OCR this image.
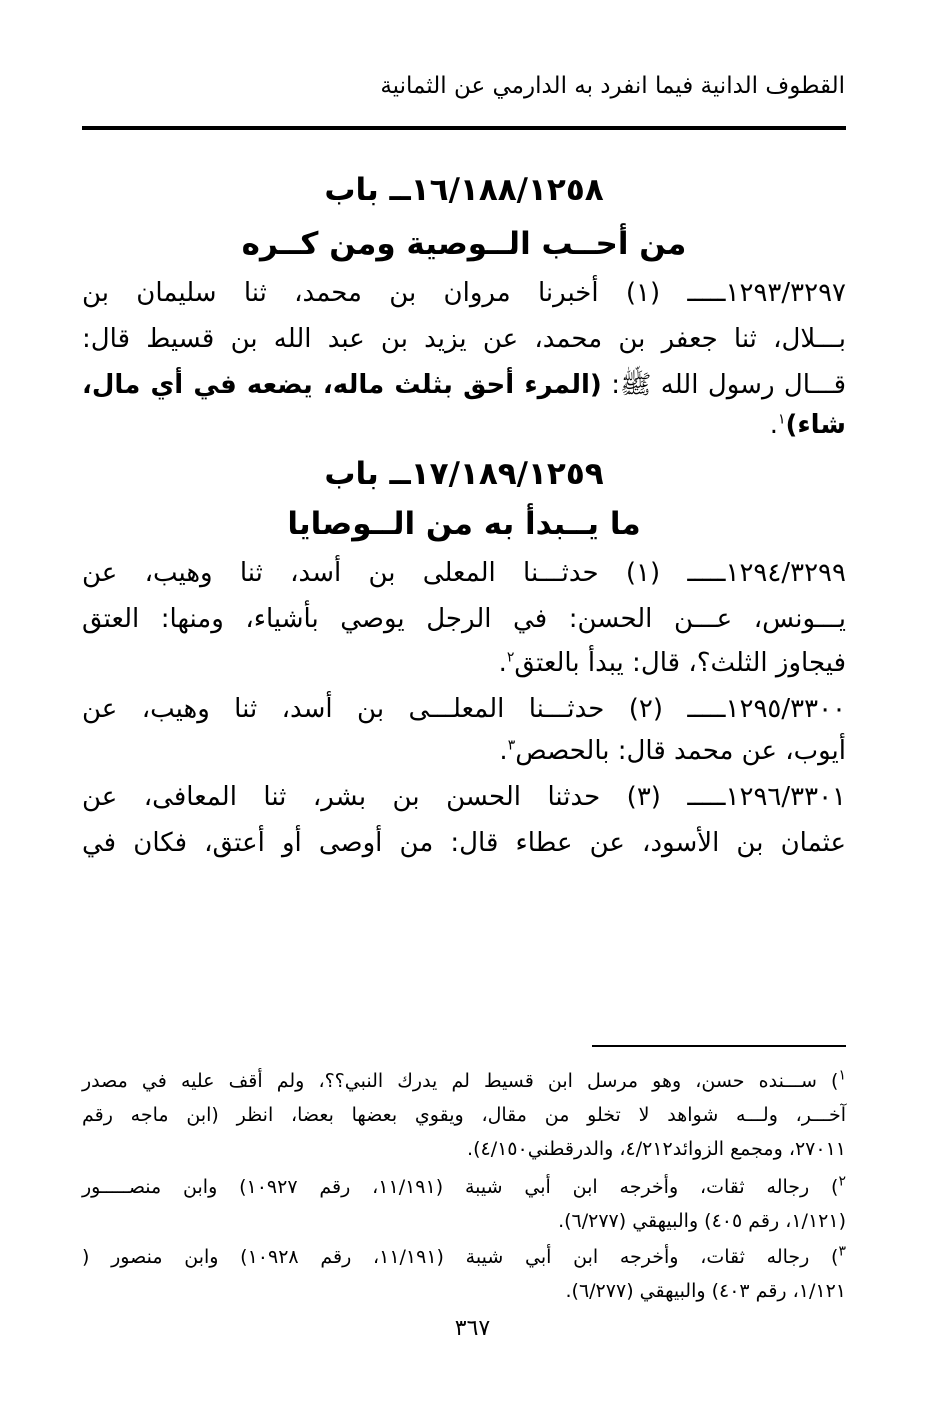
القطوف الدانية فيما انفرد به الدارمي عن الثمانية
١٦/١٨٨/١٢٥٨ــ باب
من أحــب الــوصية ومن كــره
١٢٩٣/٣٢٩٧ـــــ (١) أخبرنا مروان بن محمد، ثنا سليمان بن
بـــلال، ثنا جعفر بن محمد، عن يزيد بن عبد الله بن قسيط قال:
قـــال رسول الله ﷺ: (المرء أحق بثلث ماله، يضعه في أي مال،
شاء)$^١$.
١٧/١٨٩/١٢٥٩ــ باب
ما يــبدأ به من الــوصايا
١٢٩٤/٣٢٩٩ـــــ (١) حدثـــنا المعلى بن أسد، ثنا وهيب، عن
يـــونس، عـــن الحسن: في الرجل يوصي بأشياء، ومنها: العتق
فيجاوز الثلث؟، قال: يبدأ بالعتق$^٢$.
١٢٩٥/٣٣٠٠ـــــ (٢) حدثـــنا المعلـــى بن أسد، ثنا وهيب، عن
أيوب، عن محمد قال: بالحصص$^٣$.
١٢٩٦/٣٣٠١ـــــ (٣) حدثنا الحسن بن بشر، ثنا المعافى، عن
عثمان بن الأسود، عن عطاء قال: من أوصى أو أعتق، فكان في
$^١$) ســـنده حسن، وهو مرسل ابن قسيط لم يدرك النبي؟؟، ولم أقف عليه في مصدر
آخـــر، ولـــه شواهد لا تخلو من مقال، ويقوي بعضها بعضا، انظر (ابن ماجه رقم
٢٧٠١١، ومجمع الزوائد٤/٢١٢، والدرقطني٤/١٥٠).
$^٢$) رجاله ثقات، وأخرجه ابن أبي شيبة (١١/١٩١، رقم ١٠٩٢٧) وابن منصـــــور
(١/١٢١، رقم ٤٠٥) والبيهقي (٦/٢٧٧).
$^٣$) رجاله ثقات، وأخرجه ابن أبي شيبة (١١/١٩١، رقم ١٠٩٢٨) وابن منصور (
١/١٢١، رقم ٤٠٣) والبيهقي (٦/٢٧٧).
٣٦٧
